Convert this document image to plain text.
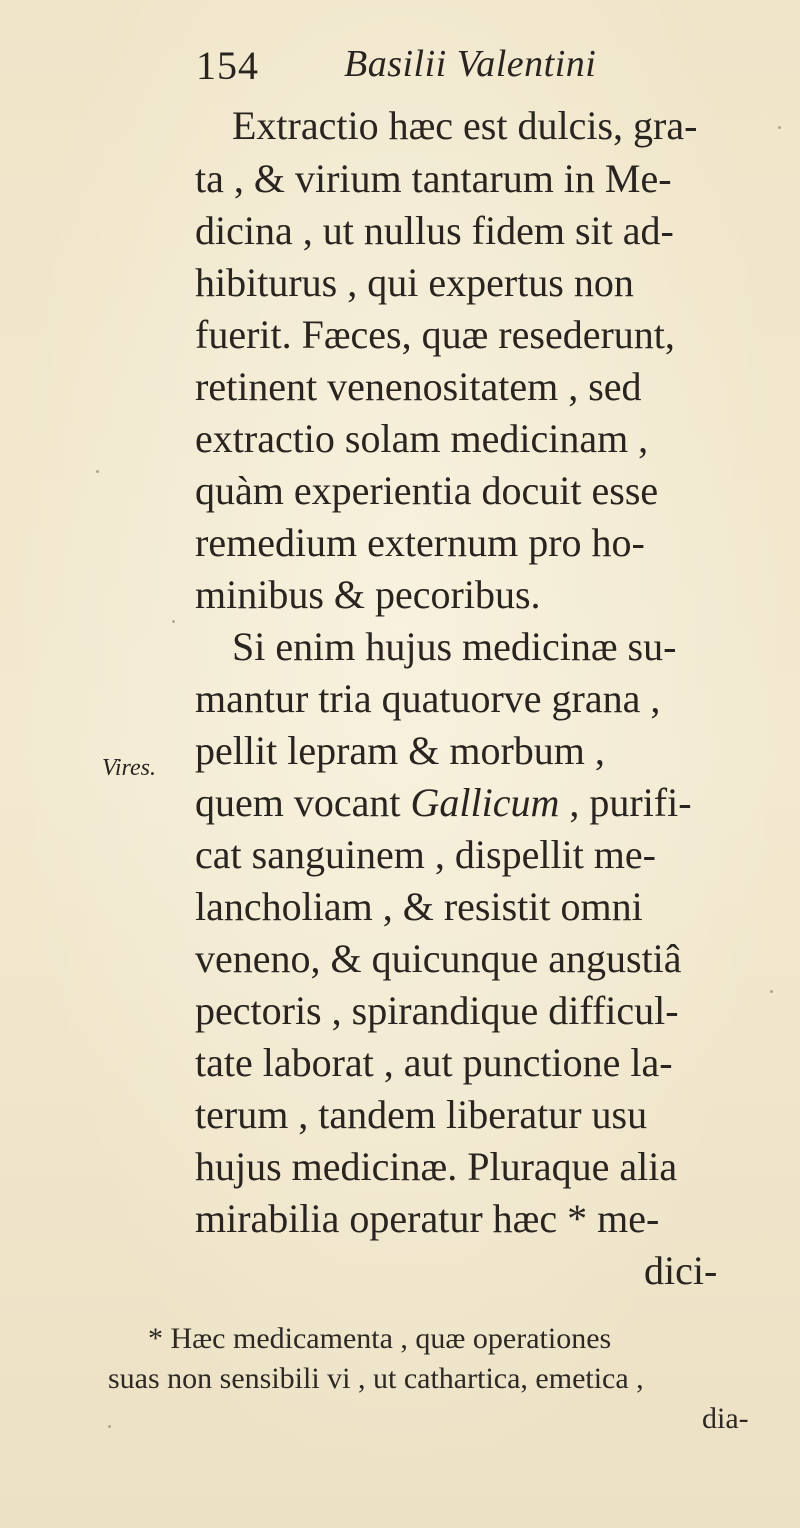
154 Basilii Valentini
Extractio hæc est dulcis, gra-
ta , & virium tantarum in Me-
dicina , ut nullus fidem sit ad-
hibiturus , qui expertus non
fuerit. Fæces, quæ resederunt,
retinent venenositatem , sed
extractio solam medicinam ,
quàm experientia docuit esse
remedium externum pro ho-
minibus & pecoribus.
Si enim hujus medicinæ su-
mantur tria quatuorve grana ,
pellit lepram & morbum ,
quem vocant Gallicum , purifi-
cat sanguinem , dispellit me-
lancholiam , & resistit omni
veneno, & quicunque angustiâ
pectoris , spirandique difficul-
tate laborat , aut punctione la-
terum , tandem liberatur usu
hujus medicinæ. Pluraque alia
mirabilia operatur hæc * me-
dici-
Vires.
* Hæc medicamenta , quæ operationes
suas non sensibili vi , ut cathartica, emetica ,
dia-
